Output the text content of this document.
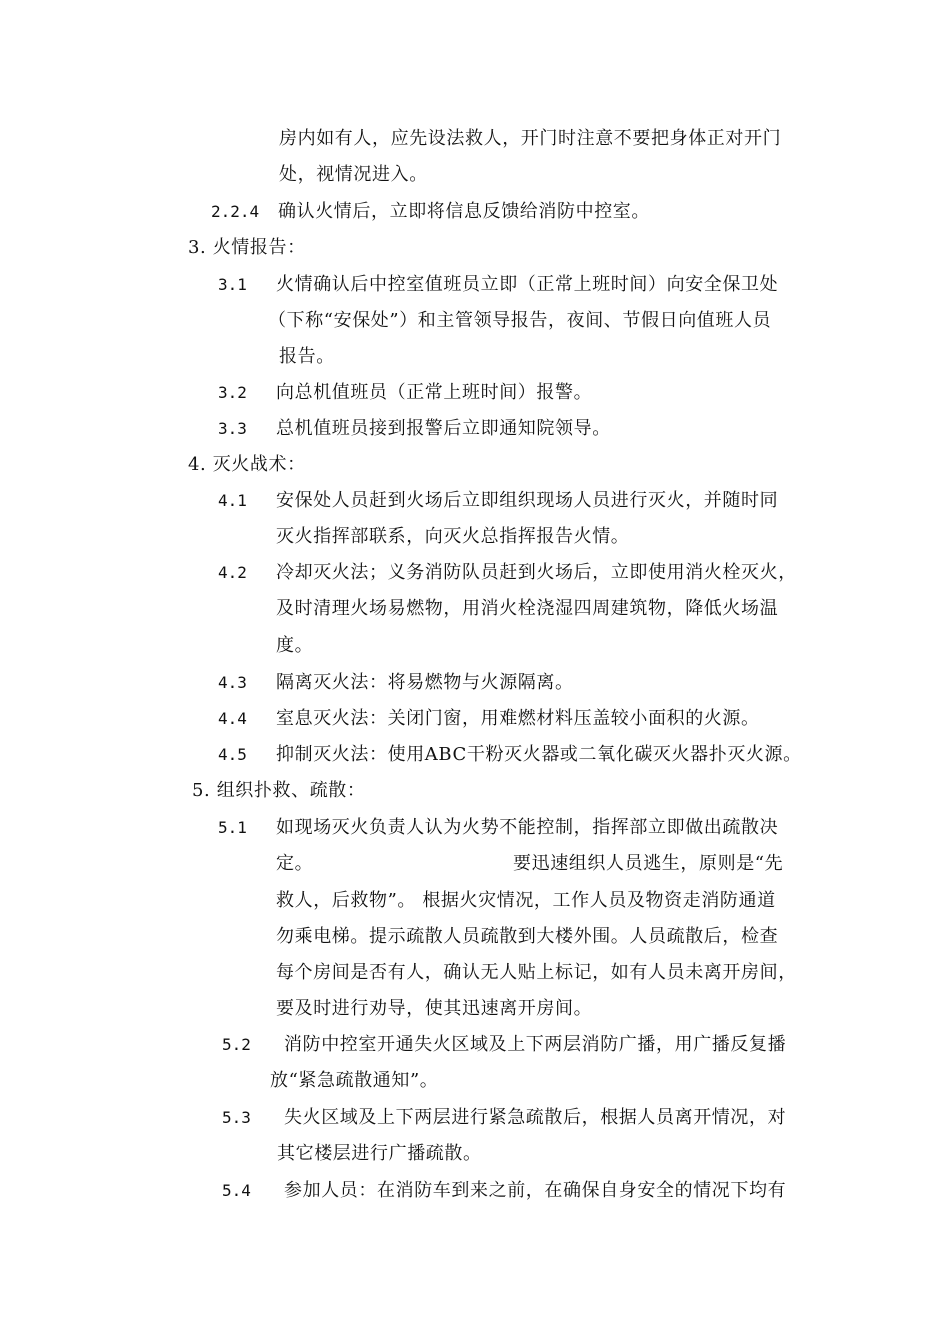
房内如有人，应先设法救人，开门时注意不要把身体正对开门
处，视情况进入。
2.2.4 确认火情后，立即将信息反馈给消防中控室。
3. 火情报告：
3.1 火情确认后中控室值班员立即（正常上班时间）向安全保卫处
（下称“安保处”）和主管领导报告，夜间、节假日向值班人员
报告。
3.2 向总机值班员（正常上班时间）报警。
3.3 总机值班员接到报警后立即通知院领导。
4. 灭火战术：
4.1 安保处人员赶到火场后立即组织现场人员进行灭火，并随时同
灭火指挥部联系，向灭火总指挥报告火情。
4.2 冷却灭火法；义务消防队员赶到火场后，立即使用消火栓灭火，
及时清理火场易燃物，用消火栓浇湿四周建筑物，降低火场温
度。
4.3 隔离灭火法：将易燃物与火源隔离。
4.4 室息灭火法：关闭门窗，用难燃材料压盖较小面积的火源。
4.5 抑制灭火法：使用ABC干粉灭火器或二氧化碳灭火器扑灭火源。
5. 组织扑救、疏散：
5.1 如现场灭火负责人认为火势不能控制，指挥部立即做出疏散决
定。	要迅速组织人员逃生，原则是“先
救人，后救物”。 根据火灾情况，工作人员及物资走消防通道
勿乘电梯。提示疏散人员疏散到大楼外围。人员疏散后，检查
每个房间是否有人，确认无人贴上标记，如有人员未离开房间，
要及时进行劝导，使其迅速离开房间。
5.2 消防中控室开通失火区域及上下两层消防广播，用广播反复播
放“紧急疏散通知”。
5.3 失火区域及上下两层进行紧急疏散后，根据人员离开情况，对
其它楼层进行广播疏散。
5.4 参加人员：在消防车到来之前，在确保自身安全的情况下均有
